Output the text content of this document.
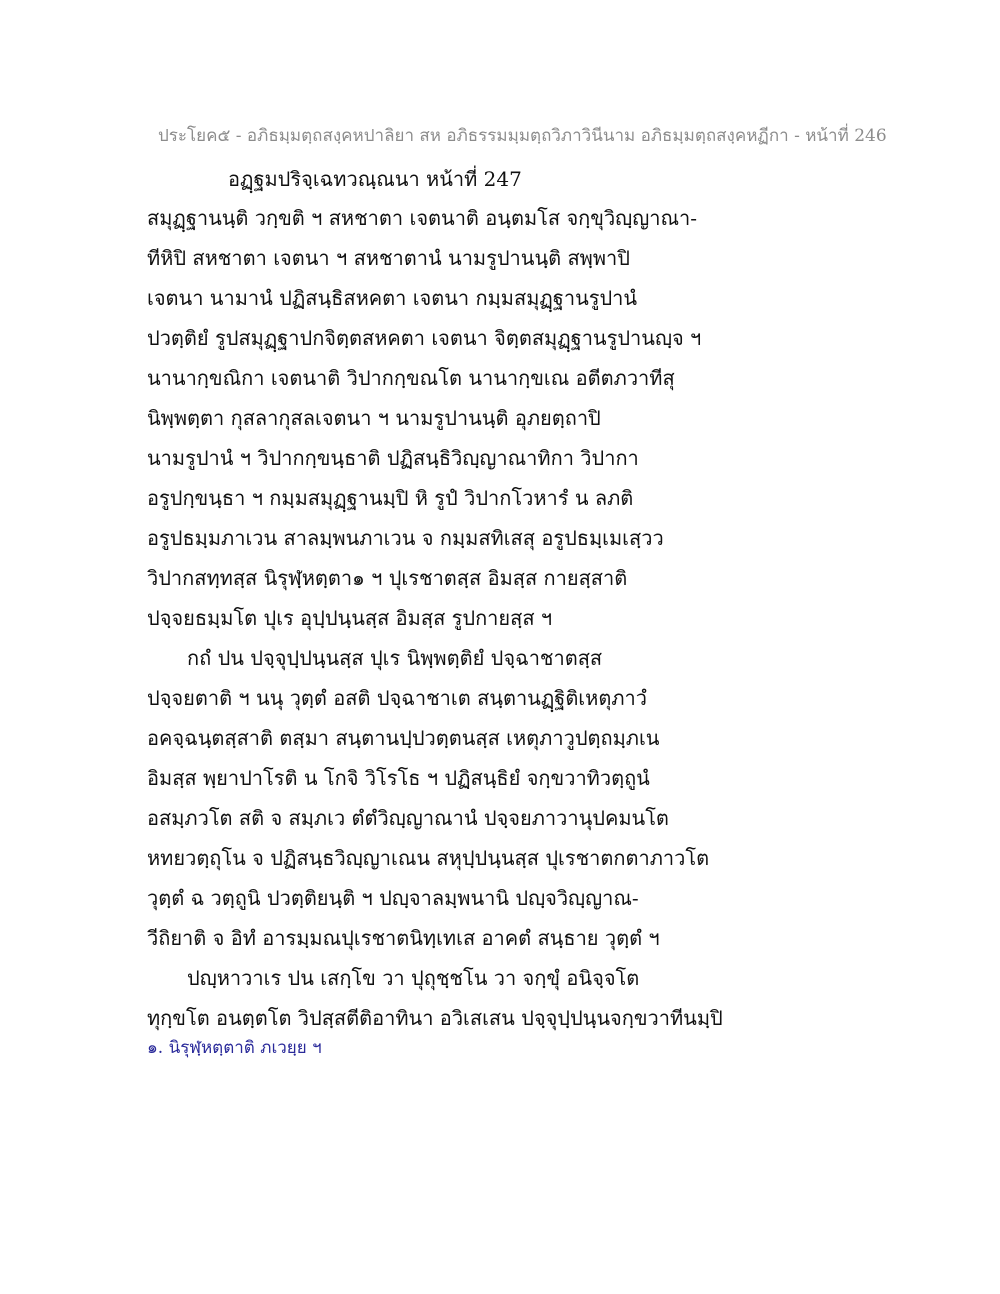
ประโยค๕ - อภิธมฺมตฺถสงฺคหปาลิยา สห อภิธรรมมฺมตฺถวิภาวินีนาม อภิธมฺมตฺถสงฺคหฏีกา - หน้าที่ 246
อฏฺฐมปริจฺเฉทวณฺณนา หน้าที่ 247
สมุฏฺฐานนฺติ วกฺขติ ฯ สหชาตา เจตนาติ อนฺตมโส จกฺขุวิญฺญาณา-
ทีหิปิ สหชาตา เจตนา ฯ สหชาตานํ นามรูปานนฺติ สพฺพาปิ
เจตนา นามานํ ปฏิสนฺธิสหคตา เจตนา กมฺมสมุฏฺฐานรูปานํ
ปวตฺติยํ รูปสมุฏฺฐาปกจิตฺตสหคตา เจตนา จิตฺตสมุฏฺฐานรูปานญฺจ ฯ
นานากฺขณิกา เจตนาติ วิปากกฺขณโต นานากฺขเณ อตีตภวาทีสุ
นิพฺพตฺตา กุสลากุสลเจตนา ฯ นามรูปานนฺติ อุภยตฺถาปิ
นามรูปานํ ฯ วิปากกฺขนฺธาติ ปฏิสนฺธิวิญฺญาณาทิกา วิปากา
อรูปกฺขนฺธา ฯ กมฺมสมุฏฺฐานมฺปิ หิ รูปํ วิปากโวหารํ น ลภติ
อรูปธมฺมภาเวน สาลมฺพนภาเวน จ กมฺมสทิเสสุ อรูปธมฺเมเสฺวว
วิปากสทฺทสฺส นิรุฬฺหตฺตา๑ ฯ ปุเรชาตสฺส อิมสฺส กายสฺสาติ
ปจฺจยธมฺมโต ปุเร อุปฺปนฺนสฺส อิมสฺส รูปกายสฺส ฯ
กถํ ปน ปจฺจุปฺปนฺนสฺส ปุเร นิพฺพตฺติยํ ปจฺฉาชาตสฺส
ปจฺจยตาติ ฯ นนุ วุตฺตํ อสติ ปจฺฉาชาเต สนฺตานฏฺฐิติเหตุภาวํ
อคจฺฉนฺตสฺสาติ ตสฺมา สนฺตานปฺปวตฺตนสฺส เหตุภาวูปตฺถมฺภเน
อิมสฺส พฺยาปาโรติ น โกจิ วิโรโธ ฯ ปฏิสนฺธิยํ จกฺขวาทิวตฺถูนํ
อสมฺภวโต สติ จ สมฺภเว ตํตํวิญฺญาณานํ ปจฺจยภาวานุปคมนโต
หทยวตฺถุโน จ ปฏิสนฺธวิญฺญาเณน สหุปฺปนฺนสฺส ปุเรชาตกตาภาวโต
วุตฺตํ ฉ วตฺถูนิ ปวตฺติยนฺติ ฯ ปญฺจาลมฺพนานิ ปญฺจวิญฺญาณ-
วีถิยาติ จ อิทํ อารมฺมณปุเรชาตนิทฺเทเส อาคตํ สนฺธาย วุตฺตํ ฯ
ปญฺหาวาเร ปน เสกฺโข วา ปุถุชฺชโน วา จกฺขุํ อนิจฺจโต
ทุกฺขโต อนตฺตโต วิปสฺสตีติอาทินา อวิเสเสน ปจฺจุปฺปนฺนจกฺขวาทีนมฺปิ
๑. นิรุฬฺหตฺตาติ ภเวยฺย ฯ
